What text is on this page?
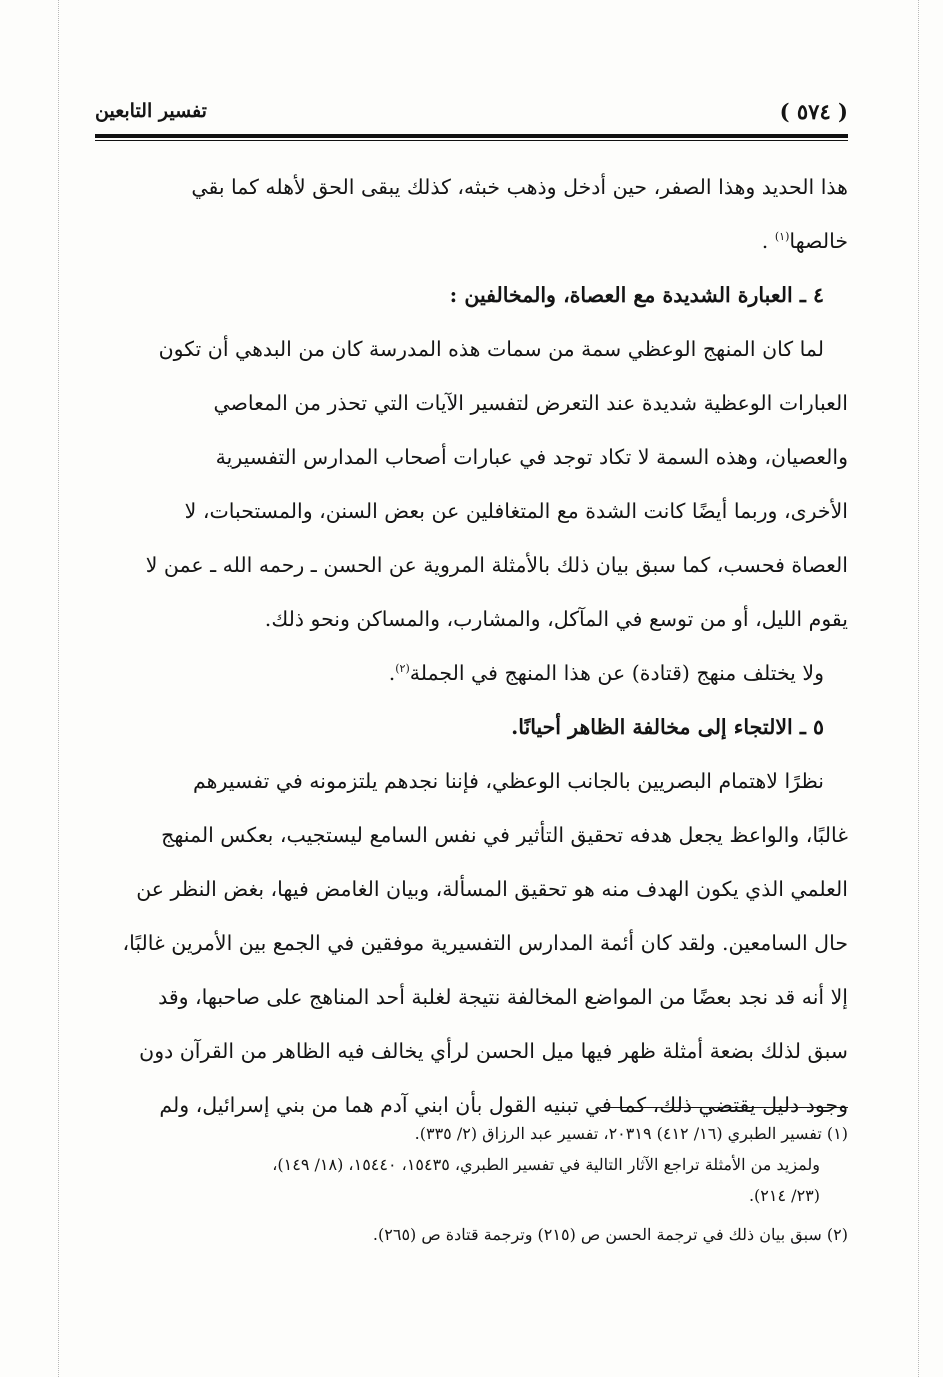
( ٥٧٤ )
تفسير التابعين
هذا الحديد وهذا الصفر، حين أدخل وذهب خبثه، كذلك يبقى الحق لأهله كما بقي
خالصها$^{(١)}$ .
٤ ـ العبارة الشديدة مع العصاة، والمخالفين :
لما كان المنهج الوعظي سمة من سمات هذه المدرسة كان من البدهي أن تكون
العبارات الوعظية شديدة عند التعرض لتفسير الآيات التي تحذر من المعاصي
والعصيان، وهذه السمة لا تكاد توجد في عبارات أصحاب المدارس التفسيرية
الأخرى، وربما أيضًا كانت الشدة مع المتغافلين عن بعض السنن، والمستحبات، لا
العصاة فحسب، كما سبق بيان ذلك بالأمثلة المروية عن الحسن ـ رحمه الله ـ عمن لا
يقوم الليل، أو من توسع في المآكل، والمشارب، والمساكن ونحو ذلك.
ولا يختلف منهج (قتادة) عن هذا المنهج في الجملة$^{(٢)}$.
٥ ـ الالتجاء إلى مخالفة الظاهر أحيانًا.
نظرًا لاهتمام البصريين بالجانب الوعظي، فإننا نجدهم يلتزمونه في تفسيرهم
غالبًا، والواعظ يجعل هدفه تحقيق التأثير في نفس السامع ليستجيب، بعكس المنهج
العلمي الذي يكون الهدف منه هو تحقيق المسألة، وبيان الغامض فيها، بغض النظر عن
حال السامعين. ولقد كان أئمة المدارس التفسيرية موفقين في الجمع بين الأمرين غالبًا،
إلا أنه قد نجد بعضًا من المواضع المخالفة نتيجة لغلبة أحد المناهج على صاحبها، وقد
سبق لذلك بضعة أمثلة ظهر فيها ميل الحسن لرأي يخالف فيه الظاهر من القرآن دون
وجود دليل يقتضي ذلك، كما في تبنيه القول بأن ابني آدم هما من بني إسرائيل، ولم
(١) تفسير الطبري (١٦/ ٤١٢) ٢٠٣١٩، تفسير عبد الرزاق (٢/ ٣٣٥).
ولمزيد من الأمثلة تراجع الآثار التالية في تفسير الطبري، ١٥٤٣٥، ١٥٤٤٠، (١٨/ ١٤٩)،
(٢٣/ ٢١٤).
(٢) سبق بيان ذلك في ترجمة الحسن ص (٢١٥) وترجمة قتادة ص (٢٦٥).
